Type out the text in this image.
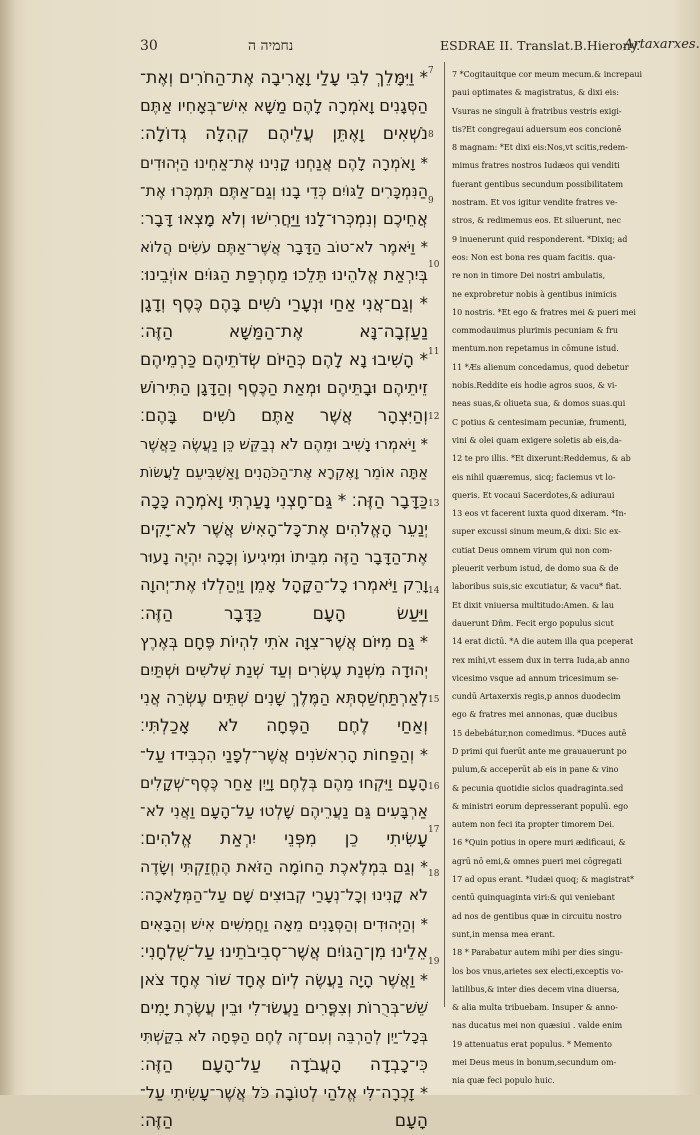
30	נחמיה ה	ESDRAE II. Translat.B.Hierony.
Artaxarxes.
* וַיִּמָּלֵךְ לִבִּי עָלַי וָאָרִיבָה אֶת־הַחֹרִים וְאֶת־
הַסְּגָנִים וָאֹמְרָה לָהֶם מַשָּׁא אִישׁ־בְּאָחִיו אַתֶּם
נֹשְׁאִים וָאֶתֵּן עֲלֵיהֶם קְהִלָּה גְדוֹלָה׃
* וָאֹמְרָה לָהֶם אֲנַחְנוּ קָנִינוּ אֶת־אַחֵינוּ הַיְּהוּדִים
הַנִּמְכָּרִים לַגּוֹיִם כְּדֵי בָנוּ וְגַם־אַתֶּם תִּמְכְּרוּ אֶת־
אֲחֵיכֶם וְנִמְכְּרוּ־לָנוּ וַיַּחֲרִישׁוּ וְלֹא מָצְאוּ דָּבָר׃
* וַיֹּאמֶר לֹא־טוֹב הַדָּבָר אֲשֶׁר־אַתֶּם עֹשִׂים הֲלוֹא
בְּיִרְאַת אֱלֹהֵינוּ תֵּלֵכוּ מֵחֶרְפַּת הַגּוֹיִם אוֹיְבֵינוּ׃
* וְגַם־אֲנִי אַחַי וּנְעָרַי נֹשִׁים בָּהֶם כֶּסֶף וְדָגָן
נַעַזְבָה־נָּא אֶת־הַמַּשָּׁא הַזֶּה׃
* הָשִׁיבוּ נָא לָהֶם כְּהַיּוֹם שְׂדֹתֵיהֶם כַּרְמֵיהֶם
זֵיתֵיהֶם וּבָתֵּיהֶם וּמְאַת הַכֶּסֶף וְהַדָּגָן הַתִּירוֹשׁ
וְהַיִּצְהָר אֲשֶׁר אַתֶּם נֹשִׁים בָּהֶם׃
* וַיֹּאמְרוּ נָשִׁיב וּמֵהֶם לֹא נְבַקֵּשׁ כֵּן נַעֲשֶׂה כַּאֲשֶׁר
אַתָּה אוֹמֵר וָאֶקְרָא אֶת־הַכֹּהֲנִים וָאַשְׁבִּיעֵם לַעֲשׂוֹת
כַּדָּבָר הַזֶּה׃ * גַּם־חָצְנִי נָעַרְתִּי וָאֹמְרָה כָּכָה
יְנַעֵר הָאֱלֹהִים אֶת־כָּל־הָאִישׁ אֲשֶׁר לֹא־יָקִים
אֶת־הַדָּבָר הַזֶּה מִבֵּיתוֹ וּמִיגִיעוֹ וְכָכָה יִהְיֶה נָעוּר
וָרֵק וַיֹּאמְרוּ כָל־הַקָּהָל אָמֵן וַיְהַלְלוּ אֶת־יְהוָה
וַיַּעַשׂ הָעָם כַּדָּבָר הַזֶּה׃
* גַּם מִיּוֹם אֲשֶׁר־צִוָּה אֹתִי לִהְיוֹת פֶּחָם בְּאֶרֶץ
יְהוּדָה מִשְּׁנַת עֶשְׂרִים וְעַד שְׁנַת שְׁלֹשִׁים וּשְׁתַּיִם
לְאַרְתַּחְשַׁסְתְּא הַמֶּלֶךְ שָׁנִים שְׁתֵּים עֶשְׂרֵה אֲנִי
וְאַחַי לֶחֶם הַפֶּחָה לֹא אָכַלְתִּי׃
* וְהַפַּחוֹת הָרִאשֹׁנִים אֲשֶׁר־לְפָנַי הִכְבִּידוּ עַל־
הָעָם וַיִּקְחוּ מֵהֶם בְּלֶחֶם וָיַיִן אַחַר כֶּסֶף־שְׁקָלִים
אַרְבָּעִים גַּם נַעֲרֵיהֶם שָׁלְטוּ עַל־הָעָם וַאֲנִי לֹא־
עָשִׂיתִי כֵן מִפְּנֵי יִרְאַת אֱלֹהִים׃
* וְגַם בִּמְלֶאכֶת הַחוֹמָה הַזֹּאת הֶחֱזַקְתִּי וְשָׂדֶה
לֹא קָנִינוּ וְכָל־נְעָרַי קְבוּצִים שָׁם עַל־הַמְּלָאכָה׃
* וְהַיְּהוּדִים וְהַסְּגָנִים מֵאָה וַחֲמִשִּׁים אִישׁ וְהַבָּאִים
אֵלֵינוּ מִן־הַגּוֹיִם אֲשֶׁר־סְבִיבֹתֵינוּ עַל־שֻׁלְחָנִי׃
* וַאֲשֶׁר הָיָה נַעֲשֶׂה לְיוֹם אֶחָד שׁוֹר אֶחָד צֹאן
שֵׁשׁ־בְּרֻרוֹת וְצִפֳּרִים נַעֲשׂוּ־לִי וּבֵין עֲשֶׂרֶת יָמִים
בְּכָל־יַיִן לְהַרְבֵּה וְעִם־זֶה לֶחֶם הַפֶּחָה לֹא בִקַּשְׁתִּי
כִּי־כָבְדָה הָעֲבֹדָה עַל־הָעָם הַזֶּה׃
* זָכְרָה־לִּי אֱלֹהַי לְטוֹבָה כֹּל אֲשֶׁר־עָשִׂיתִי עַל־
הָעָם הַזֶּה׃
7
8
9
10
11
12
13
14
15
16
17
18
19
7 *Cogitauitque cor meum mecum.& increpaui
paui optimates & magistratus, & dixi eis:
Vsuras ne singuli à fratribus vestris exigi-
tis?Et congregaui aduersum eos concionē
8 magnam: *Et dixi eis:Nos,vt scitis,redem-
mimus fratres nostros Iudæos qui venditi
fuerant gentibus secundum possibilitatem
nostram. Et vos igitur vendite fratres ve-
stros, & redimemus eos. Et siluerunt, nec
9 inuenerunt quid responderent. *Dixiq; ad
eos: Non est bona res quam facitis. qua-
re non in timore Dei nostri ambulatis,
ne exprobretur nobis à gentibus inimicis
10 nostris. *Et ego & fratres mei & pueri mei
commodauimus plurimis pecuniam & fru
mentum.non repetamus in cōmune istud.
11 *Æs alienum concedamus, quod debetur
nobis.Reddite eis hodie agros suos, & vi-
neas suas,& oliueta sua, & domos suas.qui
C potius & centesimam pecuniæ, frumenti,
vini & olei quam exigere soletis ab eis,da-
12 te pro illis. *Et dixerunt:Reddemus, & ab
eis nihil quæremus, sicq; faciemus vt lo-
queris. Et vocaui Sacerdotes,& adiuraui
13 eos vt facerent iuxta quod dixeram. *In-
super excussi sinum meum,& dixi: Sic ex-
cutiat Deus omnem virum qui non com-
pleuerit verbum istud, de domo sua & de
laboribus suis,sic excutiatur, & vacu* fiat.
Et dixit vniuersa multitudo:Amen. & lau
dauerunt Dñm. Fecit ergo populus sicut
14 erat dictū. *A die autem illa qua pceperat
rex mihi,vt essem dux in terra Iuda,ab anno
vicesimo vsque ad annum tricesimum se-
cundū Artaxerxis regis,p annos duodecim
ego & fratres mei annonas, quæ ducibus
15 debebátur,non comedimus. *Duces autē
D primi qui fuerūt ante me grauauerunt po
pulum,& acceperūt ab eis in pane & vino
& pecunia quotidie siclos quadraginta.sed
& ministri eorum depresserant populū. ego
autem non feci ita propter timorem Dei.
16 *Quin potius in opere muri ædificaui, &
agrū nō emi,& omnes pueri mei cōgregati
17 ad opus erant. *Iudæi quoq; & magistrat*
centū quinquaginta viri:& qui veniebant
ad nos de gentibus quæ in circuitu nostro
sunt,in mensa mea erant.
18 * Parabatur autem mihi per dies singu-
los bos vnus,arietes sex electi,exceptis vo-
latilibus,& inter dies decem vina diuersa,
& alia multa tribuebam. Insuper & anno-
nas ducatus mei non quæsiui . valde enim
19 attenuatus erat populus. * Memento
mei Deus meus in bonum,secundum om-
nia quæ feci populo huic.
